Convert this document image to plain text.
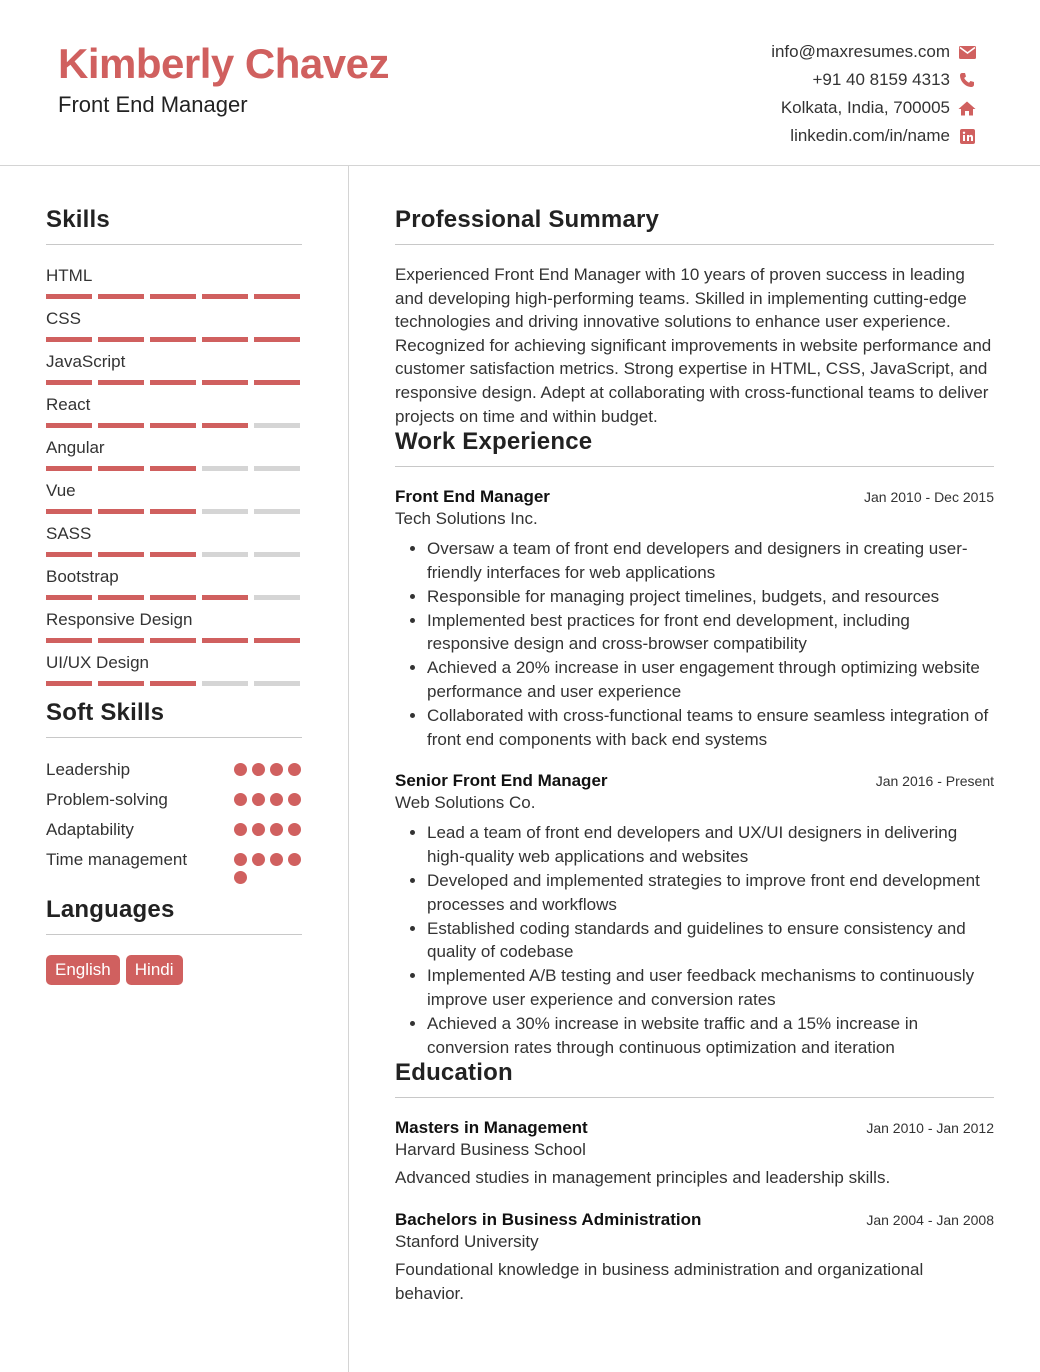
Kimberly Chavez
Front End Manager
info@maxresumes.com
+91 40 8159 4313
Kolkata, India, 700005
linkedin.com/in/name
Skills
HTML
CSS
JavaScript
React
Angular
Vue
SASS
Bootstrap
Responsive Design
UI/UX Design
Soft Skills
Leadership
Problem-solving
Adaptability
Time management
Languages
English	Hindi
Professional Summary
Experienced Front End Manager with 10 years of proven success in leading and developing high-performing teams. Skilled in implementing cutting-edge technologies and driving innovative solutions to enhance user experience. Recognized for achieving significant improvements in website performance and customer satisfaction metrics. Strong expertise in HTML, CSS, JavaScript, and responsive design. Adept at collaborating with cross-functional teams to deliver projects on time and within budget.
Work Experience
Front End Manager	Jan 2010 - Dec 2015
Tech Solutions Inc.
• Oversaw a team of front end developers and designers in creating user-friendly interfaces for web applications
• Responsible for managing project timelines, budgets, and resources
• Implemented best practices for front end development, including responsive design and cross-browser compatibility
• Achieved a 20% increase in user engagement through optimizing website performance and user experience
• Collaborated with cross-functional teams to ensure seamless integration of front end components with back end systems
Senior Front End Manager	Jan 2016 - Present
Web Solutions Co.
• Lead a team of front end developers and UX/UI designers in delivering high-quality web applications and websites
• Developed and implemented strategies to improve front end development processes and workflows
• Established coding standards and guidelines to ensure consistency and quality of codebase
• Implemented A/B testing and user feedback mechanisms to continuously improve user experience and conversion rates
• Achieved a 30% increase in website traffic and a 15% increase in conversion rates through continuous optimization and iteration
Education
Masters in Management	Jan 2010 - Jan 2012
Harvard Business School
Advanced studies in management principles and leadership skills.
Bachelors in Business Administration	Jan 2004 - Jan 2008
Stanford University
Foundational knowledge in business administration and organizational behavior.
